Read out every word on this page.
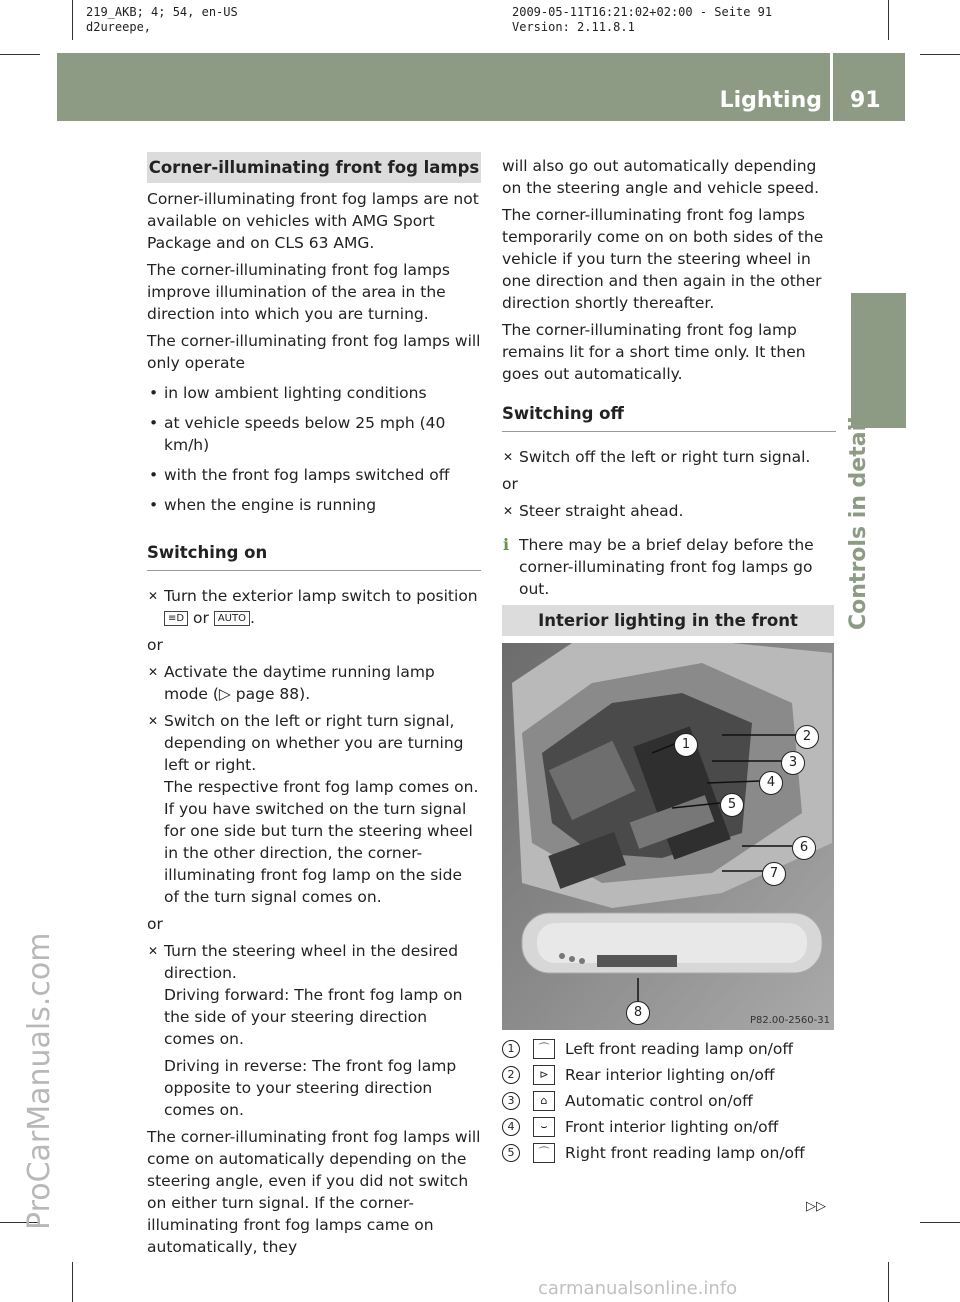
219_AKB; 4; 54, en-US
d2ureepe,
2009-05-11T16:21:02+02:00 - Seite 91
Version: 2.11.8.1
Lighting 91
Controls in detail
ProCarManuals.com
carmanualsonline.info
Corner-illuminating front fog lamps

Corner-illuminating front fog lamps are not available on vehicles with AMG Sport Package and on CLS 63 AMG.

The corner-illuminating front fog lamps improve illumination of the area in the direction into which you are turning.

The corner-illuminating front fog lamps will only operate

• in low ambient lighting conditions
• at vehicle speeds below 25 mph (40 km/h)
• with the front fog lamps switched off
• when the engine is running
Switching on
✕ Turn the exterior lamp switch to position
≡D or AUTO .

or

✕ Activate the daytime running lamp mode (▷ page 88).
✕ Switch on the left or right turn signal, depending on whether you are turning left or right.
The respective front fog lamp comes on. If you have switched on the turn signal for one side but turn the steering wheel in the other direction, the corner-illuminating front fog lamp on the side of the turn signal comes on.

or

✕ Turn the steering wheel in the desired direction.
Driving forward: The front fog lamp on the side of your steering direction comes on.
Driving in reverse: The front fog lamp opposite to your steering direction comes on.

The corner-illuminating front fog lamps will come on automatically depending on the steering angle, even if you did not switch on either turn signal. If the corner-illuminating front fog lamps came on automatically, they

will also go out automatically depending on the steering angle and vehicle speed.

The corner-illuminating front fog lamps temporarily come on on both sides of the vehicle if you turn the steering wheel in one direction and then again in the other direction shortly thereafter.

The corner-illuminating front fog lamp remains lit for a short time only. It then goes out automatically.

Switching off
✕ Switch off the left or right turn signal.

or

✕ Steer straight ahead.
i There may be a brief delay before the corner-illuminating front fog lamps go out.
Interior lighting in the front
1
2
3
4
5
6
7
8
P82.00-2560-31
1	⌒	Left front reading lamp on/off
2	⊳	Rear interior lighting on/off
3	⌂	Automatic control on/off
4	⌣	Front interior lighting on/off
5	⌒	Right front reading lamp on/off
▷▷
